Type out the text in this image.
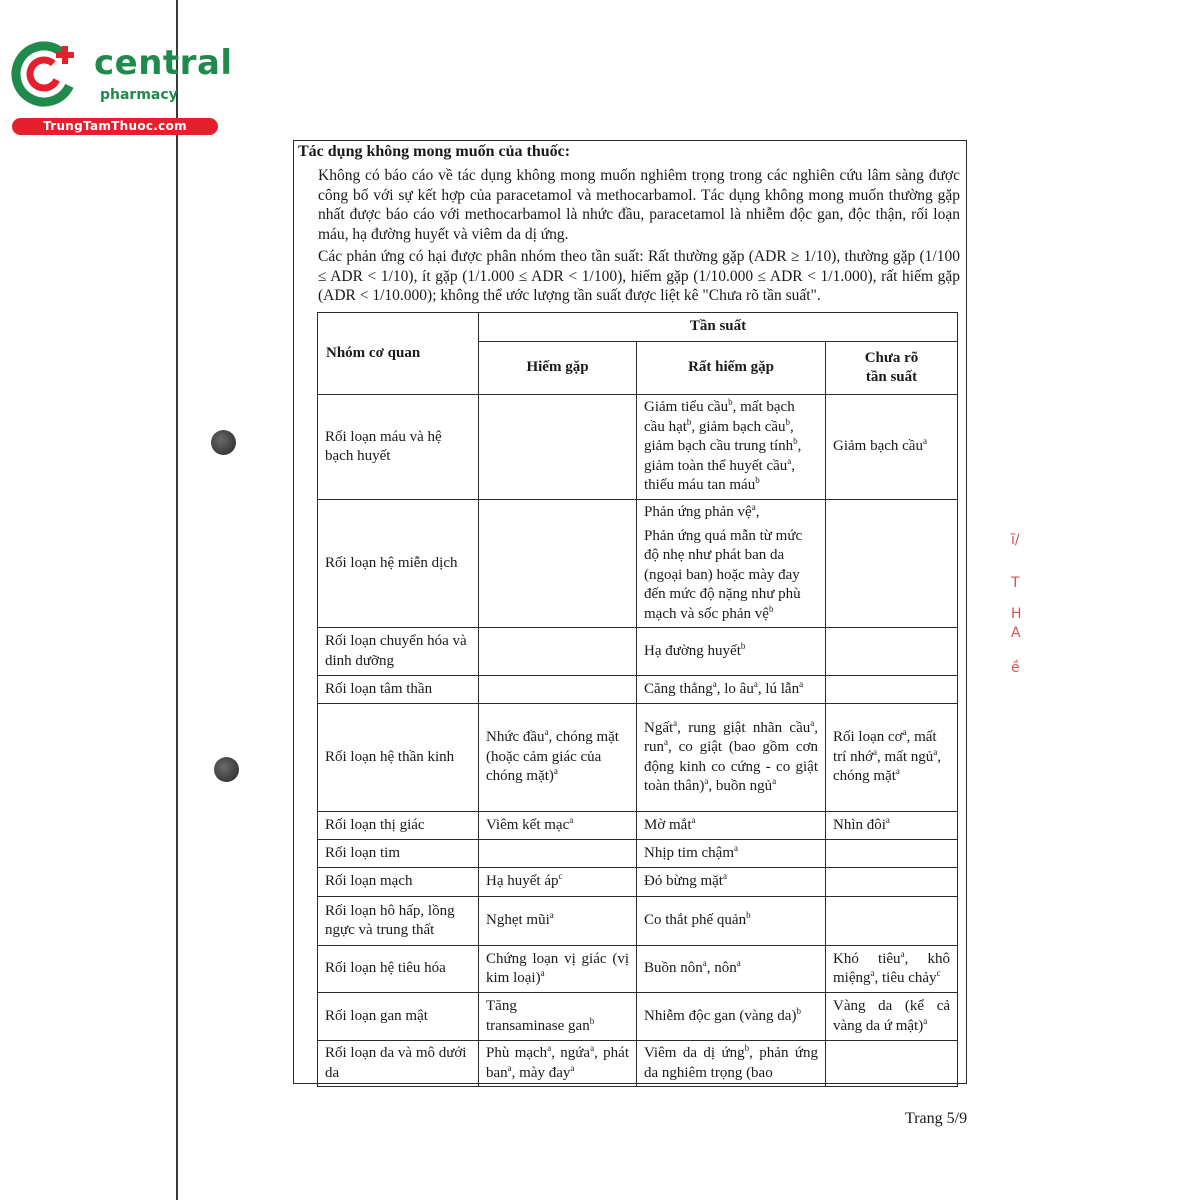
central
pharmacy
TrungTamThuoc.com
Tác dụng không mong muốn của thuốc:
Không có báo cáo về tác dụng không mong muốn nghiêm trọng trong các nghiên cứu lâm sàng được công bố với sự kết hợp của paracetamol và methocarbamol. Tác dụng không mong muốn thường gặp nhất được báo cáo với methocarbamol là nhức đầu, paracetamol là nhiễm độc gan, độc thận, rối loạn máu, hạ đường huyết và viêm da dị ứng.
Các phản ứng có hại được phân nhóm theo tần suất: Rất thường gặp (ADR ≥ 1/10), thường gặp (1/100 ≤ ADR < 1/10), ít gặp (1/1.000 ≤ ADR < 1/100), hiếm gặp (1/10.000 ≤ ADR < 1/1.000), rất hiếm gặp (ADR < 1/10.000); không thể ước lượng tần suất được liệt kê "Chưa rõ tần suất".
Nhóm cơ quan	Tần suất		
	Hiếm gặp	Rất hiếm gặp	Chưa rõ
tần suất
Rối loạn máu và hệ bạch huyết		Giảm tiểu cầu$^b$, mất bạch cầu hạt$^b$, giảm bạch cầu$^b$, giảm bạch cầu trung tính$^b$, giảm toàn thể huyết cầu$^a$, thiếu máu tan máu$^b$	Giảm bạch cầu$^a$
Rối loạn hệ miễn dịch		Phản ứng phản vệ$^a$,
Phản ứng quá mẫn từ mức độ nhẹ như phát ban da (ngoại ban) hoặc mày đay đến mức độ nặng như phù mạch và sốc phản vệ$^b$

Rối loạn chuyển hóa và dinh dưỡng		Hạ đường huyết$^b$	
Rối loạn tâm thần		Căng thẳng$^a$, lo $âu^a$, lú lẫn$^a$	
Rối loạn hệ thần kinh	Nhức đầu$^a$, chóng mặt (hoặc cảm giác của chóng mặt)$^a$	Ngất$^a$, rung giật nhãn cầu$^a$, run$^a$, co giật (bao gồm cơn động kinh co cứng - co giật toàn thân)$^a$, buồn ngủ$^a$	Rối loạn $cơ^a$, mất trí nhớ$^a$, mất ngủ$^a$, chóng mặt$^a$
Rối loạn thị giác	Viêm kết mạc$^a$	Mờ mắt$^a$	Nhìn đôi$^a$
Rối loạn tim		Nhịp tim chậm$^a$	
Rối loạn mạch	Hạ huyết $áp^c$	Đỏ bừng mặt$^a$	
Rối loạn hô hấp, lồng ngực và trung thất	Nghẹt mũi$^a$	Co thắt phế quản$^b$	
Rối loạn hệ tiêu hóa	Chứng loạn vị giác (vị kim loại)$^a$	Buồn nôn$^a$, nôn$^a$	Khó tiêu$^a$, khô miệng$^a$, tiêu chảy$^c$
Rối loạn gan mật	Tăng
transaminase gan$^b$	Nhiễm độc gan (vàng da)$^b$	Vàng da (kể cả vàng da ứ mật)$^a$
Rối loạn da và mô dưới da	Phù mạch$^a$, ngứa$^a$, phát ban$^a$, mày đay$^a$	Viêm da dị ứng$^b$, phản ứng da nghiêm trọng (bao	
ĩ/
T
H
A
ề
Trang 5/9
